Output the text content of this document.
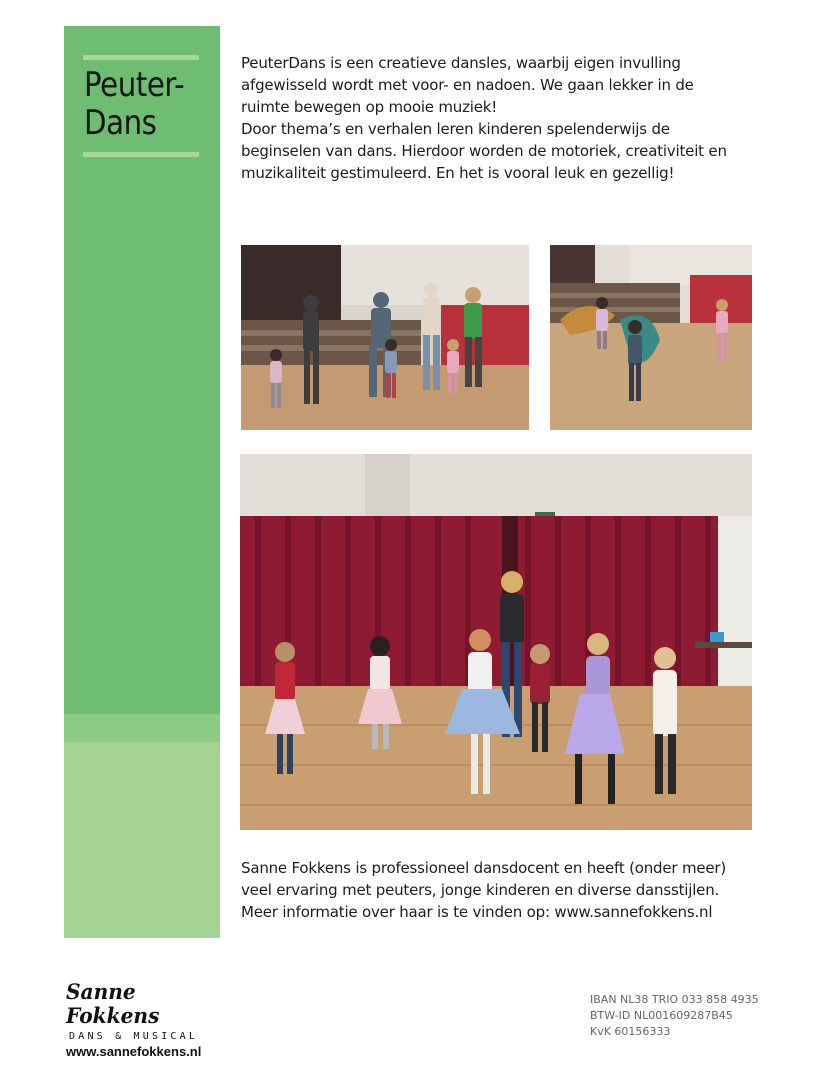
Peuter-
Dans

PeuterDans is een creatieve dansles, waarbij eigen invulling

afgewisseld wordt met voor- en nadoen. We gaan lekker in de

ruimte bewegen op mooie muziek!

Door thema’s en verhalen leren kinderen spelenderwijs de

beginselen van dans. Hierdoor worden de motoriek, creativiteit en

muzikaliteit gestimuleerd. En het is vooral leuk en gezellig!

Sanne Fokkens is professioneel dansdocent en heeft (onder meer)

veel ervaring met peuters, jonge kinderen en diverse dansstijlen.

Meer informatie over haar is te vinden op: www.sannefokkens.nl

Sanne Fokkens
DANS & MUSICAL
www.sannefokkens.nl
IBAN NL38 TRIO 033 858 4935
BTW-ID NL001609287B45
KvK 60156333
